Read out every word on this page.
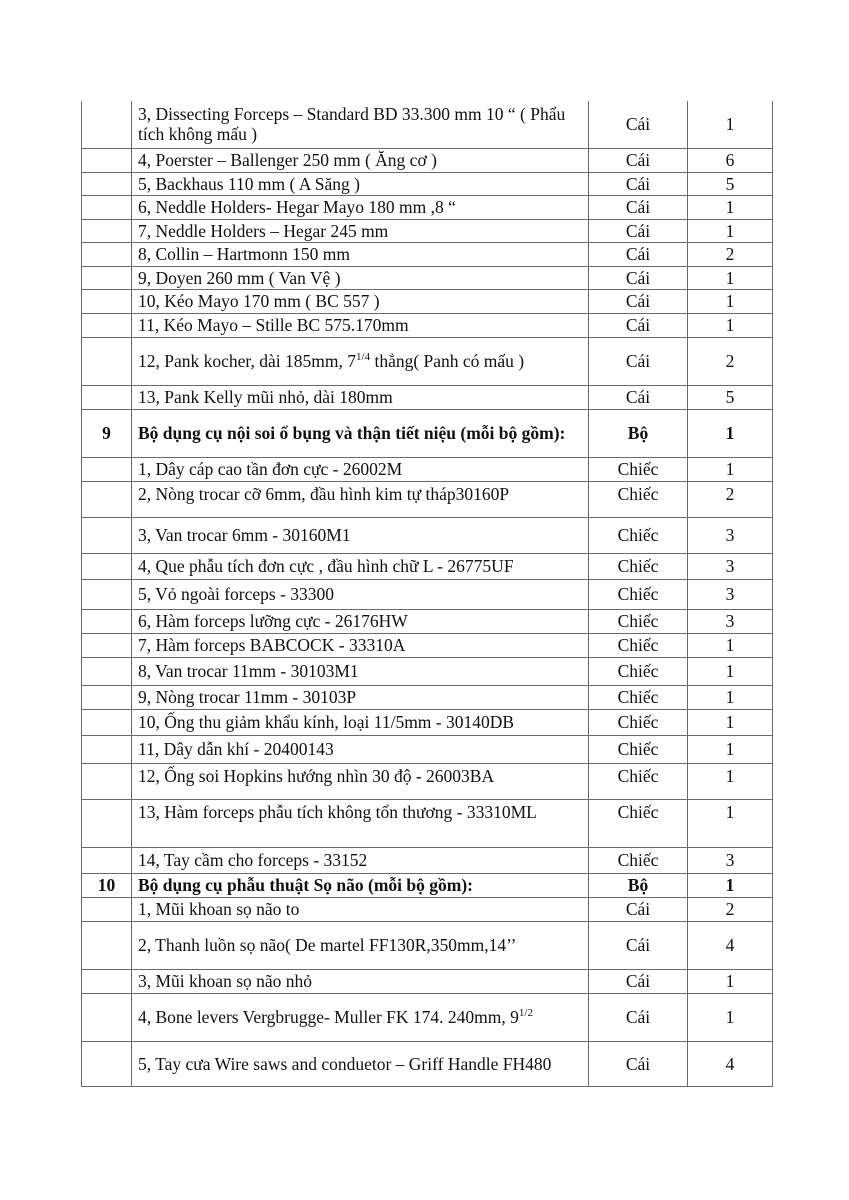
	3, Dissecting Forceps – Standard BD 33.300 mm 10 “ ( Phẩu tích không mấu )	Cái	1
	4, Poerster – Ballenger 250 mm ( Ăng cơ )	Cái	6
	5, Backhaus 110 mm ( A Săng )	Cái	5
	6, Neddle Holders- Hegar Mayo 180 mm ,8 “	Cái	1
	7, Neddle Holders – Hegar 245 mm	Cái	1
	8, Collin – Hartmonn 150 mm	Cái	2
	9, Doyen 260 mm ( Van Vệ )	Cái	1
	10, Kéo Mayo 170 mm ( BC 557 )	Cái	1
	11, Kéo Mayo – Stille BC 575.170mm	Cái	1
	12, Pank kocher, dài 185mm, $7^{1/4}$ thẳng( Panh có mấu )	Cái	2
	13, Pank Kelly mũi nhỏ, dài 180mm	Cái	5
9	Bộ dụng cụ nội soi ổ bụng và thận tiết niệu (mỗi bộ gồm):	Bộ	1
	1, Dây cáp cao tần đơn cực - 26002M	Chiếc	1
	2, Nòng trocar cỡ 6mm, đầu hình kim tự tháp30160P	Chiếc	2
	3, Van trocar 6mm - 30160M1	Chiếc	3
	4, Que phẫu tích đơn cực , đầu hình chữ L - 26775UF	Chiếc	3
	5, Vỏ ngoài forceps - 33300	Chiếc	3
	6, Hàm forceps lưỡng cực - 26176HW	Chiếc	3
	7, Hàm forceps BABCOCK - 33310A	Chiếc	1
	8, Van trocar 11mm - 30103M1	Chiếc	1
	9, Nòng trocar 11mm - 30103P	Chiếc	1
	10, Ống thu giảm khẩu kính, loại 11/5mm - 30140DB	Chiếc	1
	11, Dây dẫn khí - 20400143	Chiếc	1
	12, Ống soi Hopkins hướng nhìn 30 độ - 26003BA	Chiếc	1
	13, Hàm forceps phẫu tích không tổn thương - 33310ML	Chiếc	1
	14, Tay cầm cho forceps - 33152	Chiếc	3
10	Bộ dụng cụ phẫu thuật Sọ não (mỗi bộ gồm):	Bộ	1
	1, Mũi khoan sọ não to	Cái	2
	2, Thanh luồn sọ não( De martel FF130R,350mm,14’’	Cái	4
	3, Mũi khoan sọ não nhỏ	Cái	1
	4, Bone levers Vergbrugge- Muller FK 174. 240mm, $9^{1/2}$	Cái	1
	5, Tay cưa Wire saws and conduetor – Griff Handle FH480	Cái	4
